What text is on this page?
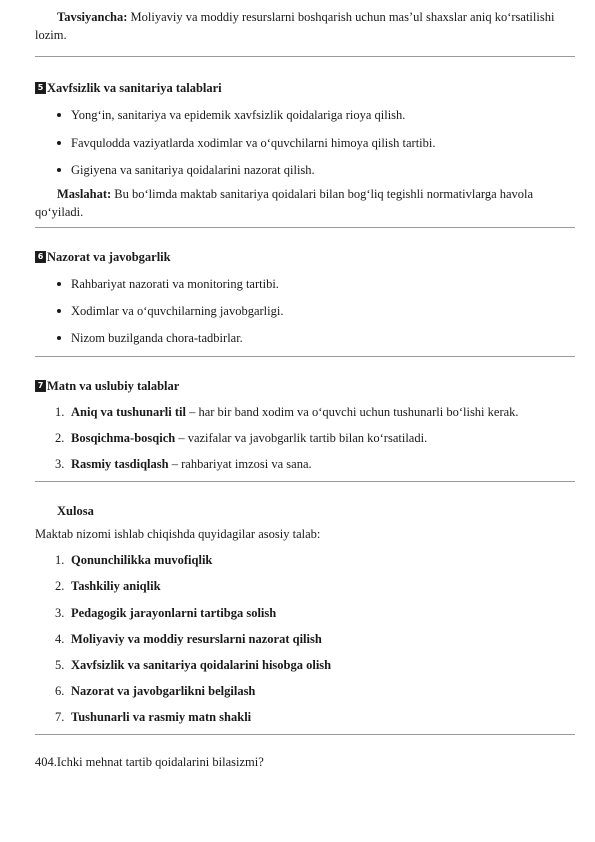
Tavsiyancha: Moliyaviy va moddiy resurslarni boshqarish uchun mas’ul shaxslar aniq ko‘rsatilishi lozim.

5 Xavfsizlik va sanitariya talablari
Yong‘in, sanitariya va epidemik xavfsizlik qoidalariga rioya qilish.
Favqulodda vaziyatlarda xodimlar va o‘quvchilarni himoya qilish tartibi.
Gigiyena va sanitariya qoidalarini nazorat qilish.

Maslahat: Bu bo‘limda maktab sanitariya qoidalari bilan bog‘liq tegishli normativlarga havola qo‘yiladi.

6 Nazorat va javobgarlik
Rahbariyat nazorati va monitoring tartibi.
Xodimlar va o‘quvchilarning javobgarligi.
Nizom buzilganda chora-tadbirlar.
7 Matn va uslubiy talablar
1. Aniq va tushunarli til – har bir band xodim va o‘quvchi uchun tushunarli bo‘lishi kerak.
2. Bosqichma-bosqich – vazifalar va javobgarlik tartib bilan ko‘rsatiladi.
3. Rasmiy tasdiqlash – rahbariyat imzosi va sana.

Xulosa

Maktab nizomi ishlab chiqishda quyidagilar asosiy talab:

1. Qonunchilikka muvofiqlik
2. Tashkiliy aniqlik
3. Pedagogik jarayonlarni tartibga solish
4. Moliyaviy va moddiy resurslarni nazorat qilish
5. Xavfsizlik va sanitariya qoidalarini hisobga olish
6. Nazorat va javobgarlikni belgilash
7. Tushunarli va rasmiy matn shakli

404.Ichki mehnat tartib qoidalarini bilasizmi?
